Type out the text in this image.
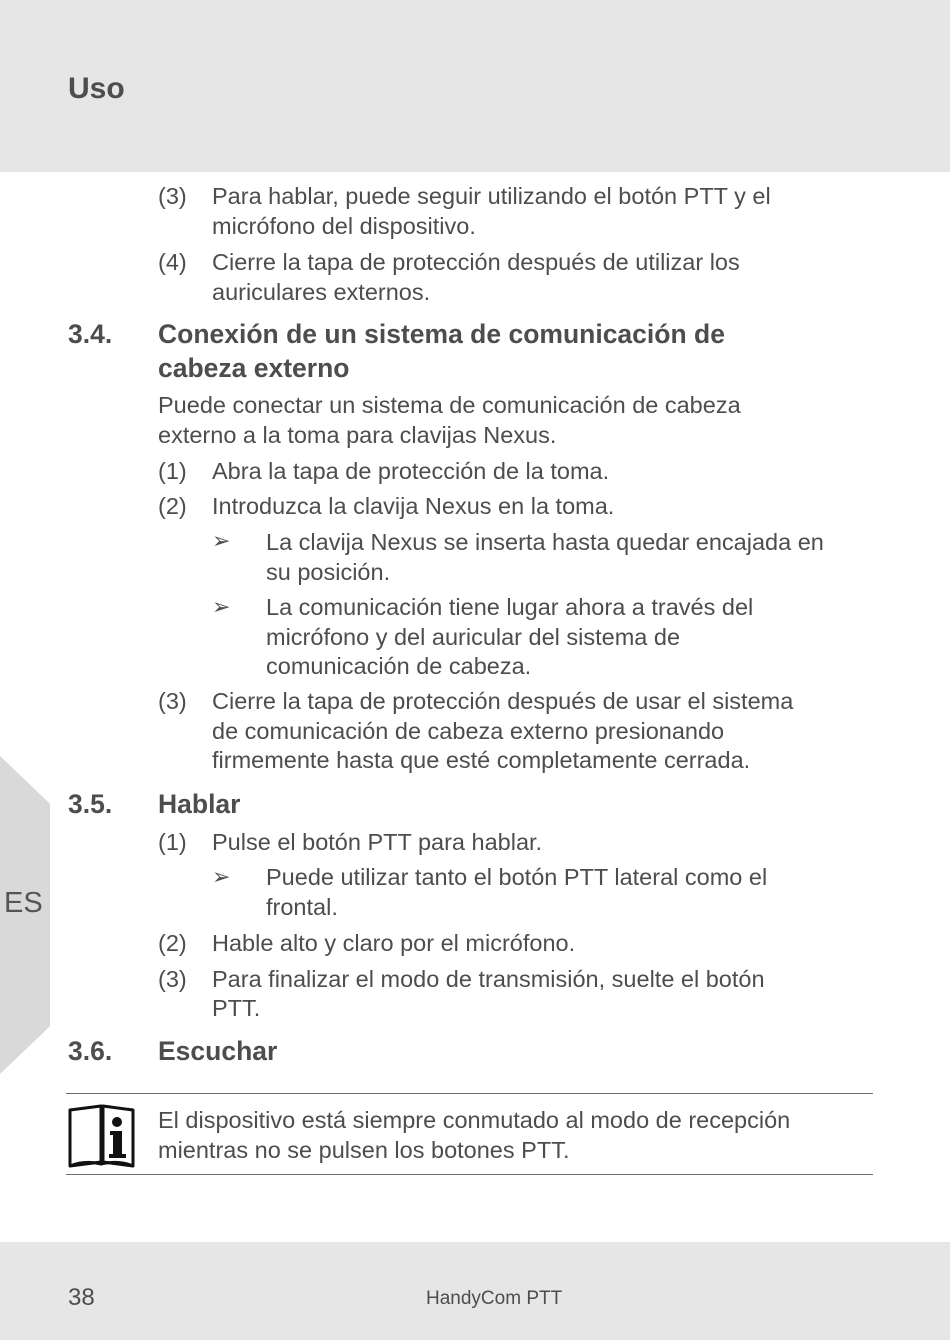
Uso
ES
(3) Para hablar, puede seguir utilizando el botón PTT y el
micrófono del dispositivo.
(4) Cierre la tapa de protección después de utilizar los
auriculares externos.
3.4. Conexión de un sistema de comunicación de
cabeza externo
Puede conectar un sistema de comunicación de cabeza
externo a la toma para clavijas Nexus.
(1) Abra la tapa de protección de la toma.
(2) Introduzca la clavija Nexus en la toma.
➢ La clavija Nexus se inserta hasta quedar encajada en
su posición.
➢ La comunicación tiene lugar ahora a través del
micrófono y del auricular del sistema de
comunicación de cabeza.
(3) Cierre la tapa de protección después de usar el sistema
de comunicación de cabeza externo presionando
firmemente hasta que esté completamente cerrada.
3.5. Hablar
(1) Pulse el botón PTT para hablar.
➢ Puede utilizar tanto el botón PTT lateral como el
frontal.
(2) Hable alto y claro por el micrófono.
(3) Para finalizar el modo de transmisión, suelte el botón
PTT.
3.6. Escuchar
El dispositivo está siempre conmutado al modo de recepción
mientras no se pulsen los botones PTT.
38	HandyCom PTT
